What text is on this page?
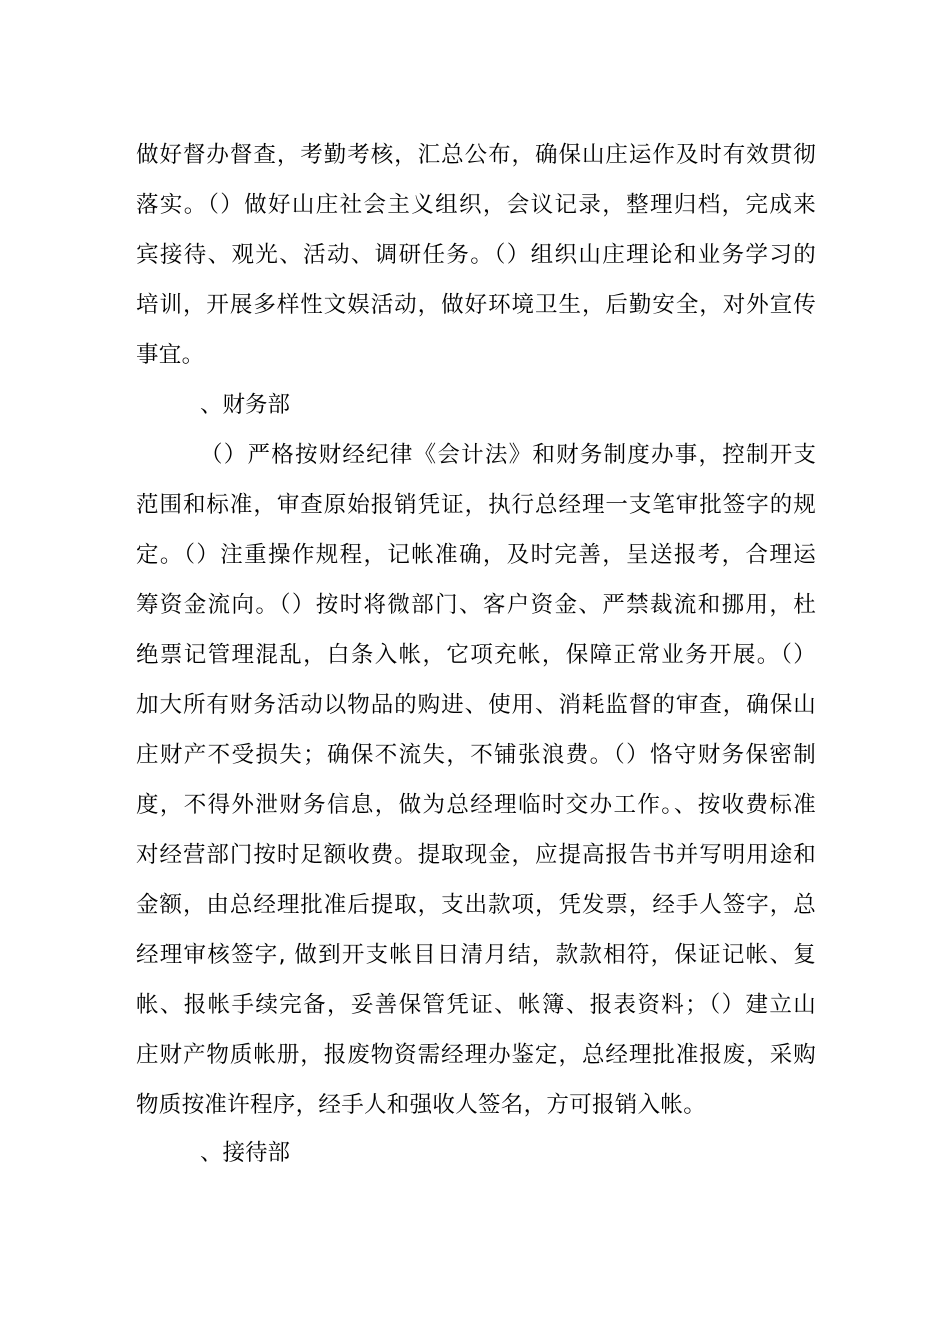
做好督办督查，考勤考核，汇总公布，确保山庄运作及时有效贯彻
落实。（）做好山庄社会主义组织，会议记录，整理归档，完成来
宾接待、观光、活动、调研任务。（）组织山庄理论和业务学习的
培训，开展多样性文娱活动，做好环境卫生，后勤安全，对外宣传
事宜。
、财务部
（）严格按财经纪律《会计法》和财务制度办事，控制开支
范围和标准，审查原始报销凭证，执行总经理一支笔审批签字的规
定。（）注重操作规程，记帐准确，及时完善，呈送报考，合理运
筹资金流向。（）按时将微部门、客户资金、严禁裁流和挪用，杜
绝票记管理混乱，白条入帐，它项充帐，保障正常业务开展。（）
加大所有财务活动以物品的购进、使用、消耗监督的审查，确保山
庄财产不受损失；确保不流失，不铺张浪费。（）恪守财务保密制
度，不得外泄财务信息，做为总经理临时交办工作。、按收费标准
对经营部门按时足额收费。提取现金，应提高报告书并写明用途和
金额，由总经理批准后提取，支出款项，凭发票，经手人签字，总
经理审核签字, 做到开支帐目日清月结，款款相符，保证记帐、复
帐、报帐手续完备，妥善保管凭证、帐簿、报表资料；（）建立山
庄财产物质帐册，报废物资需经理办鉴定，总经理批准报废，采购
物质按准许程序，经手人和强收人签名，方可报销入帐。
、接待部
